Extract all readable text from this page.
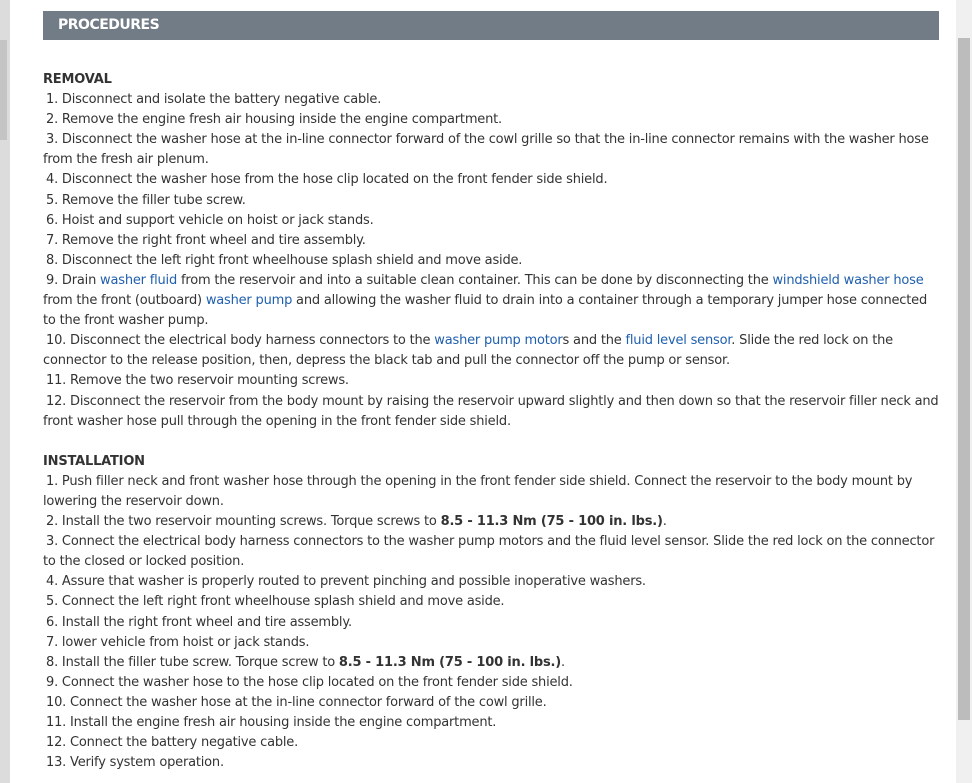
PROCEDURES
REMOVAL
1. Disconnect and isolate the battery negative cable.
2. Remove the engine fresh air housing inside the engine compartment.
3. Disconnect the washer hose at the in-line connector forward of the cowl grille so that the in-line connector remains with the washer hose from the fresh air plenum.
4. Disconnect the washer hose from the hose clip located on the front fender side shield.
5. Remove the filler tube screw.
6. Hoist and support vehicle on hoist or jack stands.
7. Remove the right front wheel and tire assembly.
8. Disconnect the left right front wheelhouse splash shield and move aside.
9. Drain washer fluid from the reservoir and into a suitable clean container. This can be done by disconnecting the windshield washer hose from the front (outboard) washer pump and allowing the washer fluid to drain into a container through a temporary jumper hose connected to the front washer pump.
10. Disconnect the electrical body harness connectors to the washer pump motors and the fluid level sensor. Slide the red lock on the connector to the release position, then, depress the black tab and pull the connector off the pump or sensor.
11. Remove the two reservoir mounting screws.
12. Disconnect the reservoir from the body mount by raising the reservoir upward slightly and then down so that the reservoir filler neck and front washer hose pull through the opening in the front fender side shield.
INSTALLATION
1. Push filler neck and front washer hose through the opening in the front fender side shield. Connect the reservoir to the body mount by lowering the reservoir down.
2. Install the two reservoir mounting screws. Torque screws to 8.5 - 11.3 Nm (75 - 100 in. lbs.).
3. Connect the electrical body harness connectors to the washer pump motors and the fluid level sensor. Slide the red lock on the connector to the closed or locked position.
4. Assure that washer is properly routed to prevent pinching and possible inoperative washers.
5. Connect the left right front wheelhouse splash shield and move aside.
6. Install the right front wheel and tire assembly.
7. lower vehicle from hoist or jack stands.
8. Install the filler tube screw. Torque screw to 8.5 - 11.3 Nm (75 - 100 in. lbs.).
9. Connect the washer hose to the hose clip located on the front fender side shield.
10. Connect the washer hose at the in-line connector forward of the cowl grille.
11. Install the engine fresh air housing inside the engine compartment.
12. Connect the battery negative cable.
13. Verify system operation.
